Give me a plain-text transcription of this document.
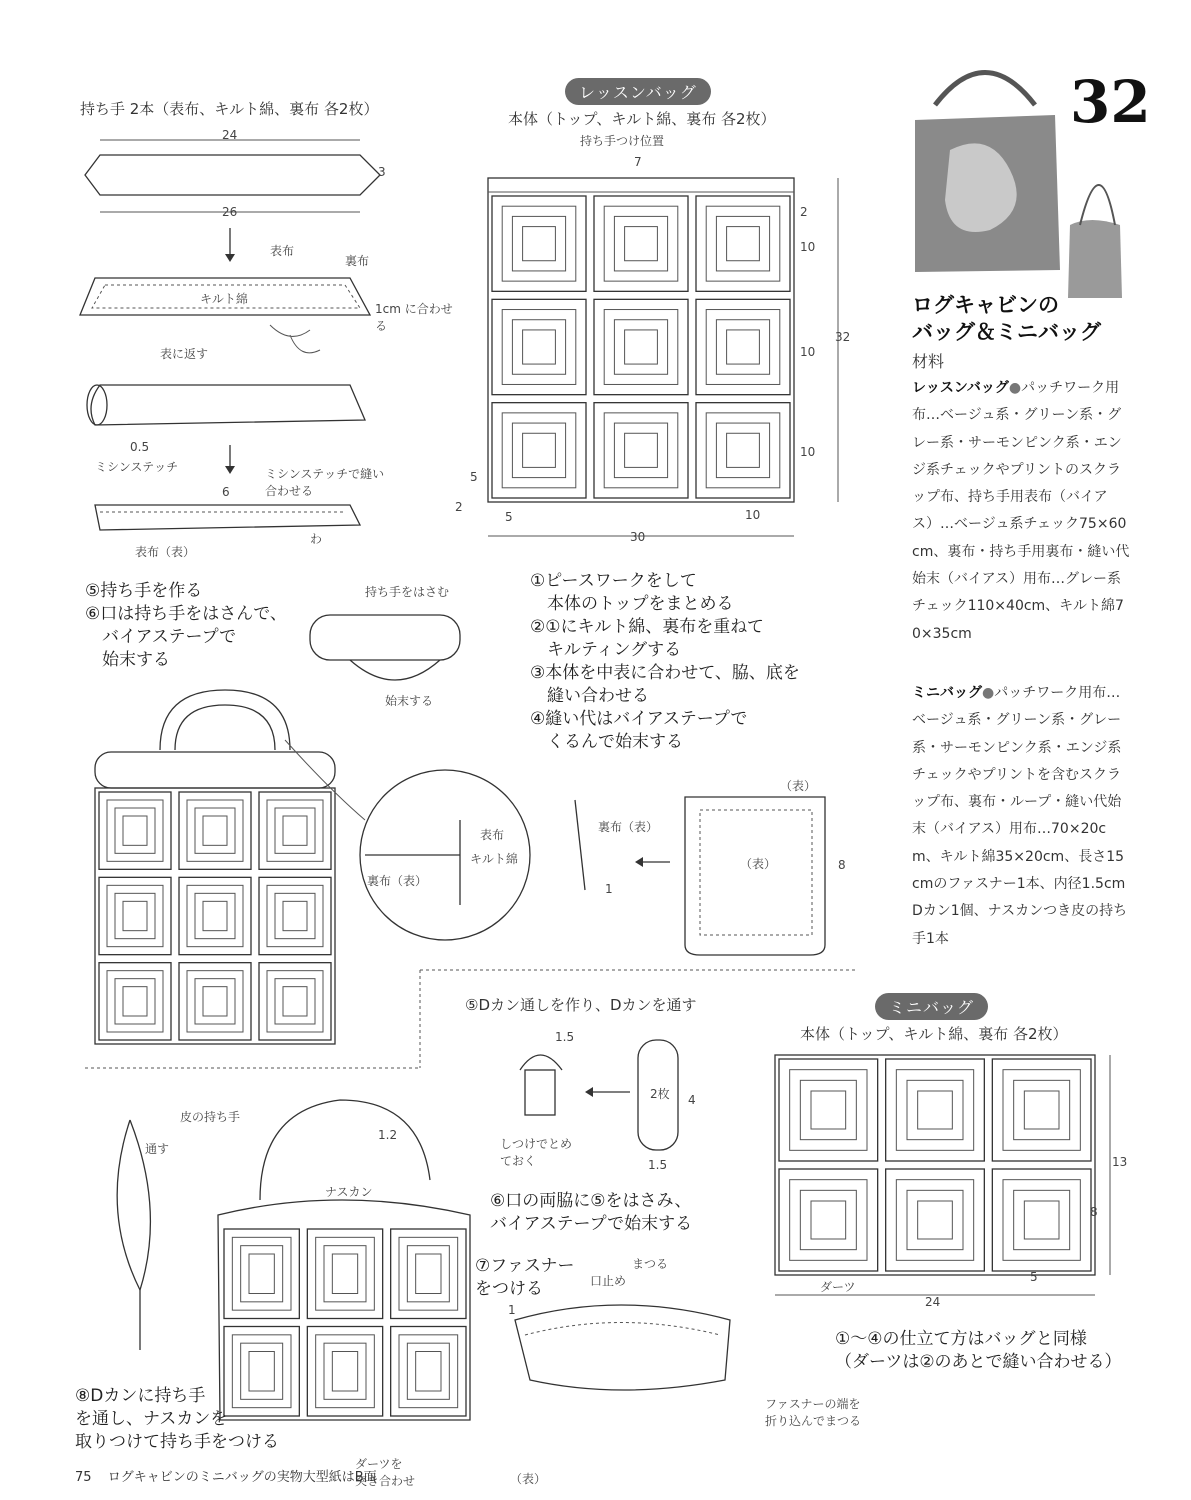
持ち手 2本（表布、キルト綿、裏布 各2枚）
24
26
3
表布
裏布
キルト綿
1cm に合わせる
表に返す
0.5
ミシンステッチ	ミシンステッチで縫い合わせる
6
表布（表）
わ
レッスンバッグ
本体（トップ、キルト綿、裏布 各2枚）
持ち手つけ位置
7
30
32
10
10
10
10
5
5
2
2
①ピースワークをして
　本体のトップをまとめる
②①にキルト綿、裏布を重ねて
　キルティングする
③本体を中表に合わせて、脇、底を
　縫い合わせる
④縫い代はバイアステープで
　くるんで始末する
⑤持ち手を作る
⑥口は持ち手をはさんで、
　バイアステープで
　始末する
持ち手をはさむ
始末する
表布
裏布（表）
キルト綿
裏布（表）
（表）
1
8
（表）
⑤Dカン通しを作り、Dカンを通す
1.5
1.5
4
2枚
しつけでとめておく
⑥口の両脇に⑤をはさみ、
バイアステープで始末する
⑦ファスナー
をつける
まつる
口止め
1
ファスナーの端を
折り込んでまつる
⑧Dカンに持ち手
を通し、ナスカンを
取りつけて持ち手をつける
皮の持ち手
通す
ナスカン
1.2
ダーツを
突き合わせ	（表）
ミニバッグ
本体（トップ、キルト綿、裏布 各2枚）
ダーツ
24
13
8
5
①～④の仕立て方はバッグと同様
（ダーツは②のあとで縫い合わせる）
32
ログキャビンの
バッグ＆ミニバッグ
材料
レッスンバッグ●パッチワーク用布…ベージュ系・グリーン系・グレー系・サーモンピンク系・エンジ系チェックやプリントのスクラップ布、持ち手用表布（バイアス）…ベージュ系チェック75×60cm、裏布・持ち手用裏布・縫い代始末（バイアス）用布…グレー系チェック110×40cm、キルト綿70×35cm
ミニバッグ●パッチワーク用布…ベージュ系・グリーン系・グレー系・サーモンピンク系・エンジ系チェックやプリントを含むスクラップ布、裏布・ループ・縫い代始末（バイアス）用布…70×20cm、キルト綿35×20cm、長さ15cmのファスナー1本、内径1.5cmDカン1個、ナスカンつき皮の持ち手1本
75 ログキャビンのミニバッグの実物大型紙はB面
